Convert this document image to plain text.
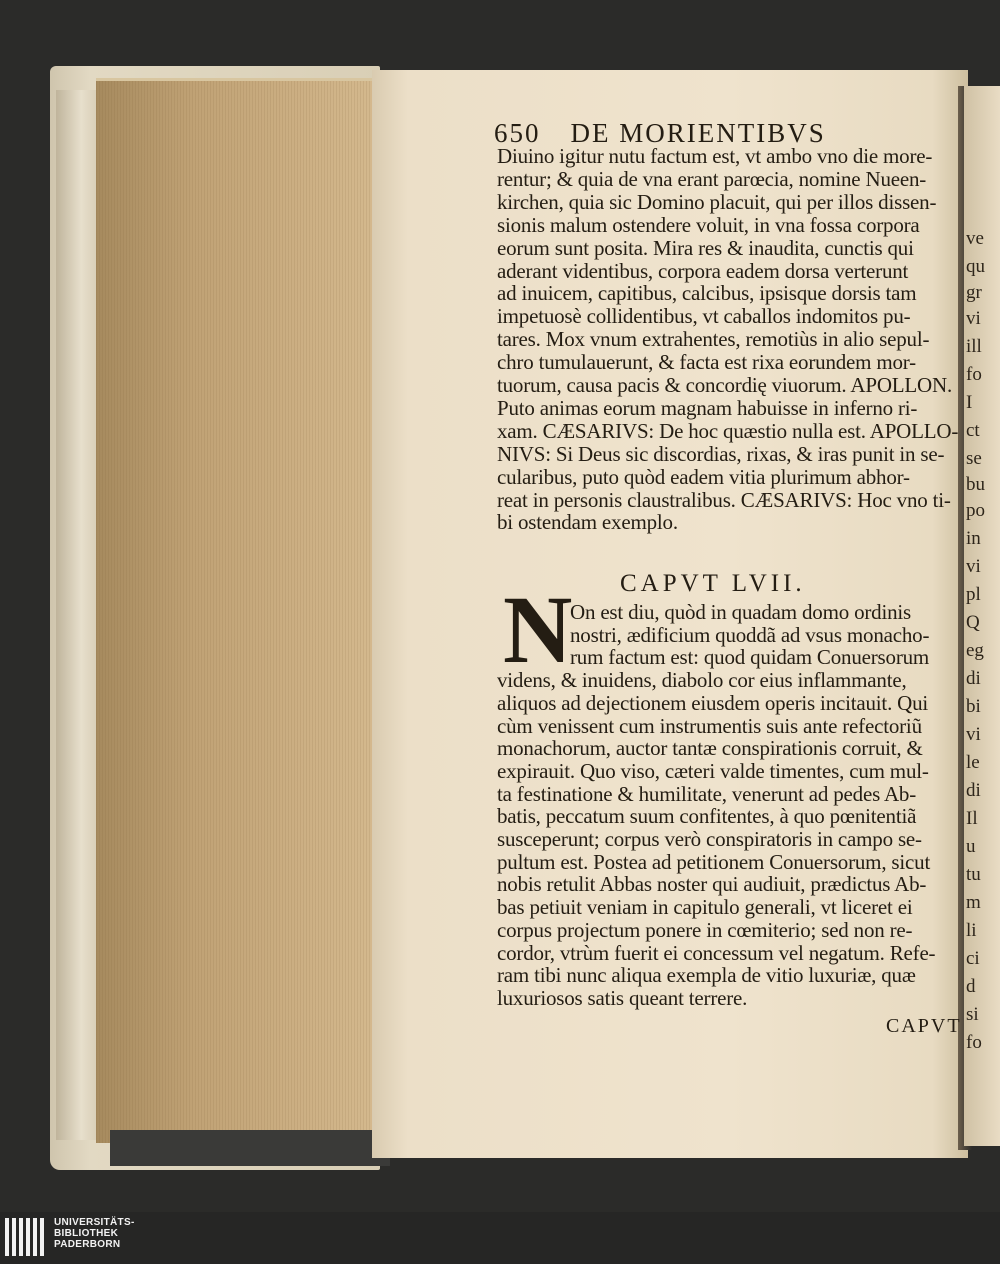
ve
qu
gr
vi
ill
fo
I
ct
se
bu
po
in
vi
pl
Q
eg
di
bi
vi
le
di
Il
u
tu
m
li
ci
d
si
fo
650 DE MORIENTIBVS
Diuino igitur nutu factum est, vt ambo vno die more-
rentur; & quia de vna erant parœcia, nomine Nueen-
kirchen, quia sic Domino placuit, qui per illos dissen-
sionis malum ostendere voluit, in vna fossa corpora
eorum sunt posita. Mira res & inaudita, cunctis qui
aderant videntibus, corpora eadem dorsa verterunt
ad inuicem, capitibus, calcibus, ipsisque dorsis tam
impetuosè collidentibus, vt caballos indomitos pu-
tares. Mox vnum extrahentes, remotiùs in alio sepul-
chro tumulauerunt, & facta est rixa eorundem mor-
tuorum, causa pacis & concordię viuorum. APOLLON.
Puto animas eorum magnam habuisse in inferno ri-
xam. CÆSARIVS: De hoc quæstio nulla est. APOLLO-
NIVS: Si Deus sic discordias, rixas, & iras punit in se-
cularibus, puto quòd eadem vitia plurimum abhor-
reat in personis claustralibus. CÆSARIVS: Hoc vno ti-
bi ostendam exemplo.
CAPVT LVII.
N
On est diu, quòd in quadam domo ordinis
nostri, ædificium quoddã ad vsus monacho-
rum factum est: quod quidam Conuersorum
videns, & inuidens, diabolo cor eius inflammante,
aliquos ad dejectionem eiusdem operis incitauit. Qui
cùm venissent cum instrumentis suis ante refectoriũ
monachorum, auctor tantæ conspirationis corruit, &
expirauit. Quo viso, cæteri valde timentes, cum mul-
ta festinatione & humilitate, venerunt ad pedes Ab-
batis, peccatum suum confitentes, à quo pœnitentiã
susceperunt; corpus verò conspiratoris in campo se-
pultum est. Postea ad petitionem Conuersorum, sicut
nobis retulit Abbas noster qui audiuit, prædictus Ab-
bas petiuit veniam in capitulo generali, vt liceret ei
corpus projectum ponere in cœmiterio; sed non re-
cordor, vtrùm fuerit ei concessum vel negatum. Refe-
ram tibi nunc aliqua exempla de vitio luxuriæ, quæ
luxuriosos satis queant terrere.
CAPVT
UNIVERSITÄTS-
BIBLIOTHEK
PADERBORN
